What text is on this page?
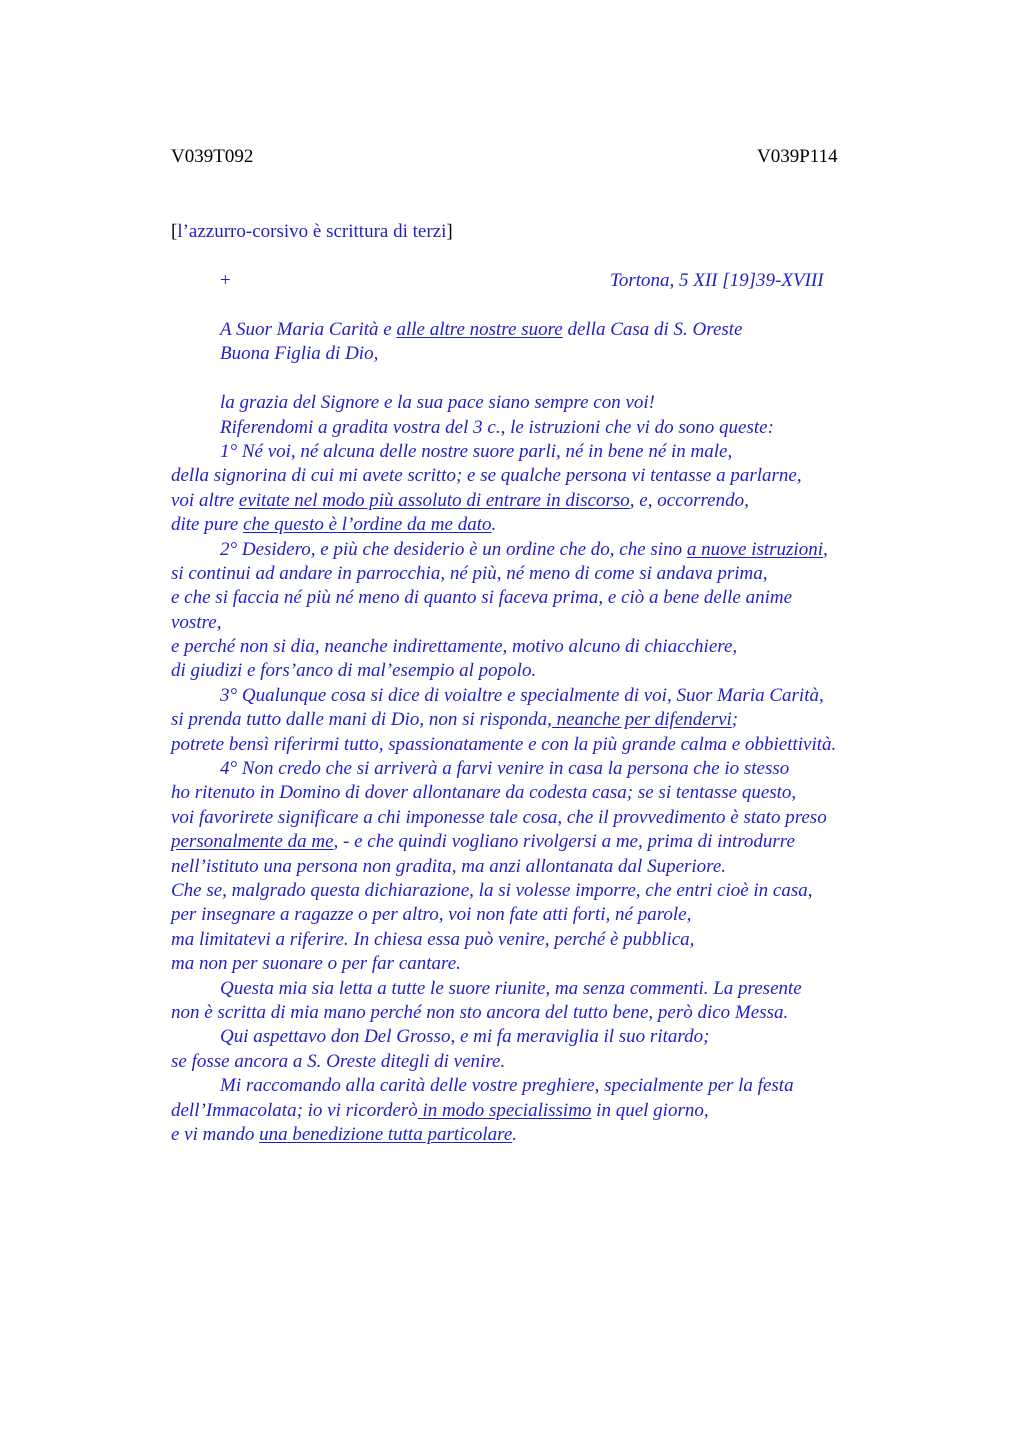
V039T092	V039P114
[l’azzurro-corsivo è scrittura di terzi]
+	Tortona, 5 XII [19]39-XVIII
A Suor Maria Carità e alle altre nostre suore della Casa di S. Oreste
Buona Figlia di Dio,
la grazia del Signore e la sua pace siano sempre con voi!
Riferendomi a gradita vostra del 3 c., le istruzioni che vi do sono queste:
1° Né voi, né alcuna delle nostre suore parli, né in bene né in male,
della signorina di cui mi avete scritto; e se qualche persona vi tentasse a parlarne,
voi altre evitate nel modo più assoluto di entrare in discorso, e, occorrendo,
dite pure che questo è l’ordine da me dato.
2° Desidero, e più che desiderio è un ordine che do, che sino a nuove istruzioni,
si continui ad andare in parrocchia, né più, né meno di come si andava prima,
e che si faccia né più né meno di quanto si faceva prima, e ciò a bene delle anime
vostre,
e perché non si dia, neanche indirettamente, motivo alcuno di chiacchiere,
di giudizi e fors’anco di mal’esempio al popolo.
3° Qualunque cosa si dice di voialtre e specialmente di voi, Suor Maria Carità,
si prenda tutto dalle mani di Dio, non si risponda, neanche per difendervi;
potrete bensì riferirmi tutto, spassionatamente e con la più grande calma e obbiettività.
4° Non credo che si arriverà a farvi venire in casa la persona che io stesso
ho ritenuto in Domino di dover allontanare da codesta casa; se si tentasse questo,
voi favorirete significare a chi imponesse tale cosa, che il provvedimento è stato preso
personalmente da me, - e che quindi vogliano rivolgersi a me, prima di introdurre
nell’istituto una persona non gradita, ma anzi allontanata dal Superiore.
Che se, malgrado questa dichiarazione, la si volesse imporre, che entri cioè in casa,
per insegnare a ragazze o per altro, voi non fate atti forti, né parole,
ma limitatevi a riferire. In chiesa essa può venire, perché è pubblica,
ma non per suonare o per far cantare.
Questa mia sia letta a tutte le suore riunite, ma senza commenti. La presente
non è scritta di mia mano perché non sto ancora del tutto bene, però dico Messa.
Qui aspettavo don Del Grosso, e mi fa meraviglia il suo ritardo;
se fosse ancora a S. Oreste ditegli di venire.
Mi raccomando alla carità delle vostre preghiere, specialmente per la festa
dell’Immacolata; io vi ricorderò in modo specialissimo in quel giorno,
e vi mando una benedizione tutta particolare.
